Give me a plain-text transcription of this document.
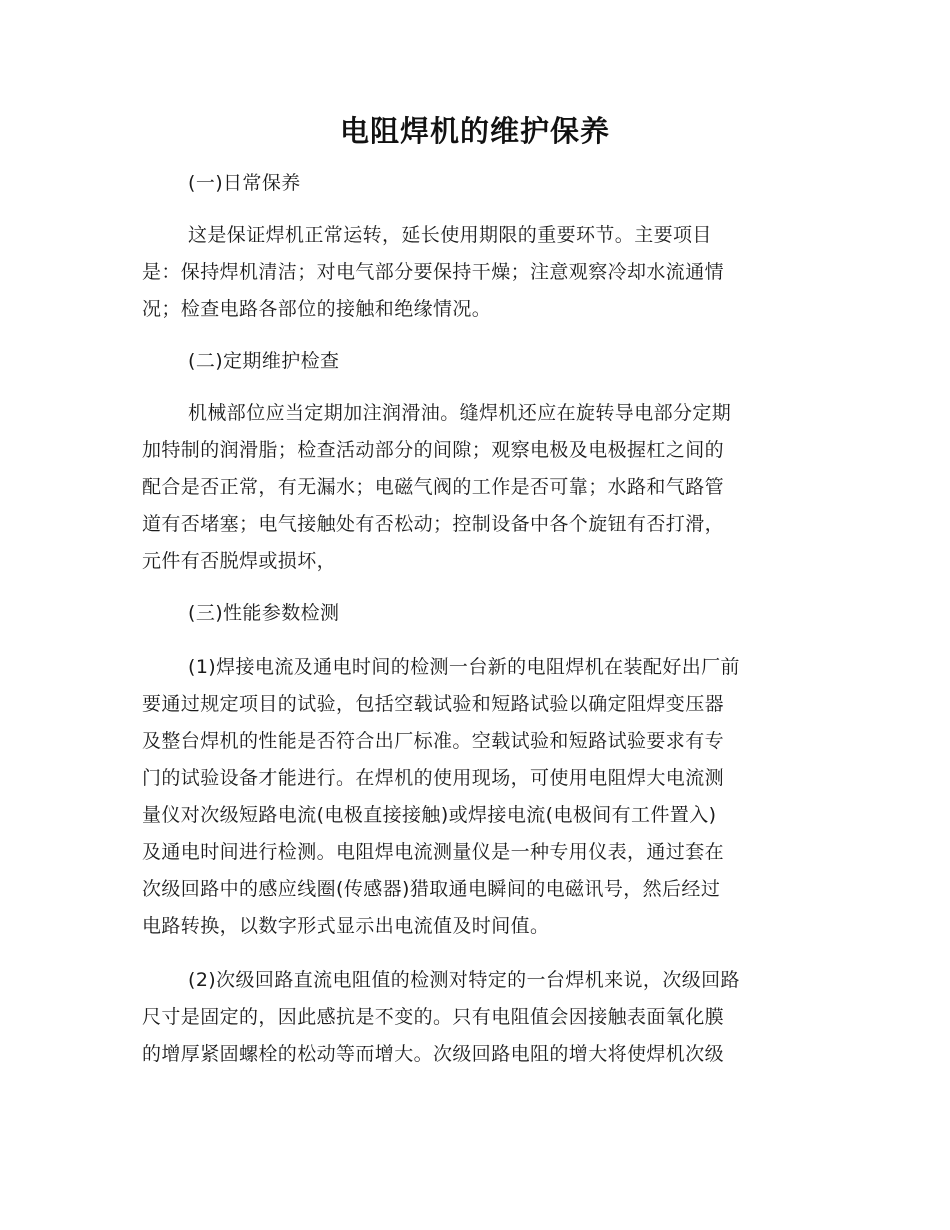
电阻焊机的维护保养
(一)日常保养
这是保证焊机正常运转，延长使用期限的重要环节。主要项目
是：保持焊机清洁；对电气部分要保持干燥；注意观察冷却水流通情
况；检查电路各部位的接触和绝缘情况。
(二)定期维护检查
机械部位应当定期加注润滑油。缝焊机还应在旋转导电部分定期
加特制的润滑脂；检查活动部分的间隙；观察电极及电极握杠之间的
配合是否正常，有无漏水；电磁气阀的工作是否可靠；水路和气路管
道有否堵塞；电气接触处有否松动；控制设备中各个旋钮有否打滑，
元件有否脱焊或损坏，
(三)性能参数检测
(1)焊接电流及通电时间的检测一台新的电阻焊机在装配好出厂前
要通过规定项目的试验，包括空载试验和短路试验以确定阻焊变压器
及整台焊机的性能是否符合出厂标准。空载试验和短路试验要求有专
门的试验设备才能进行。在焊机的使用现场，可使用电阻焊大电流测
量仪对次级短路电流(电极直接接触)或焊接电流(电极间有工件置入)
及通电时间进行检测。电阻焊电流测量仪是一种专用仪表，通过套在
次级回路中的感应线圈(传感器)猎取通电瞬间的电磁讯号，然后经过
电路转换，以数字形式显示出电流值及时间值。
(2)次级回路直流电阻值的检测对特定的一台焊机来说，次级回路
尺寸是固定的，因此感抗是不变的。只有电阻值会因接触表面氧化膜
的增厚紧固螺栓的松动等而增大。次级回路电阻的增大将使焊机次级
